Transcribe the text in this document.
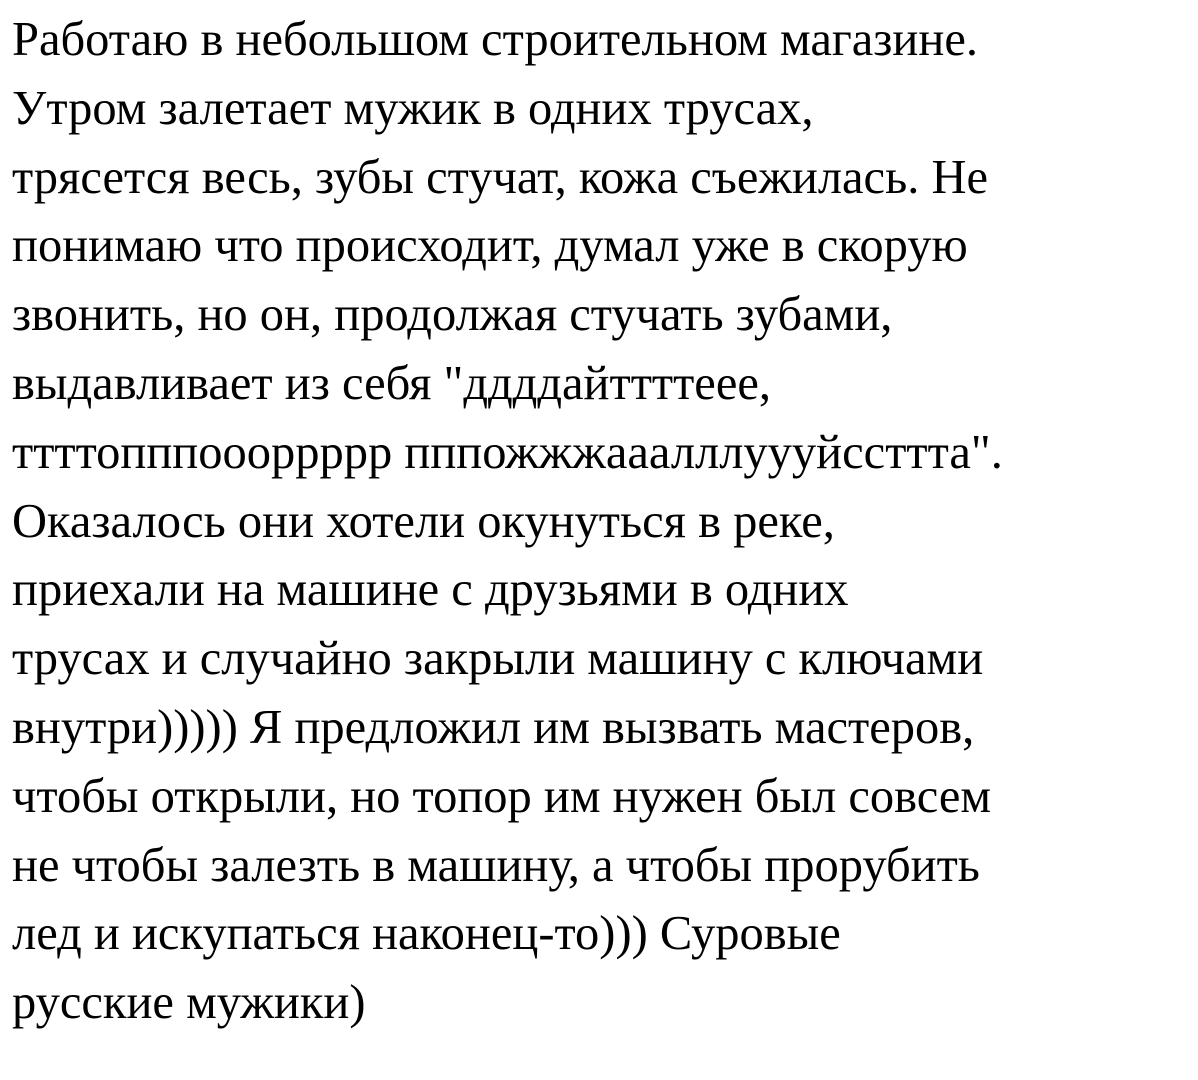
Работаю в небольшом строительном магазине.
Утром залетает мужик в одних трусах,
трясется весь, зубы стучат, кожа съежилась. Не
понимаю что происходит, думал уже в скорую
звонить, но он, продолжая стучать зубами,
выдавливает из себя "ддддайттттеее,
ттттопппоооррррр пппожжжааалллуууйссттта".
Оказалось они хотели окунуться в реке,
приехали на машине с друзьями в одних
трусах и случайно закрыли машину с ключами
внутри))))) Я предложил им вызвать мастеров,
чтобы открыли, но топор им нужен был совсем
не чтобы залезть в машину, а чтобы прорубить
лед и искупаться наконец-то))) Суровые
русские мужики)
